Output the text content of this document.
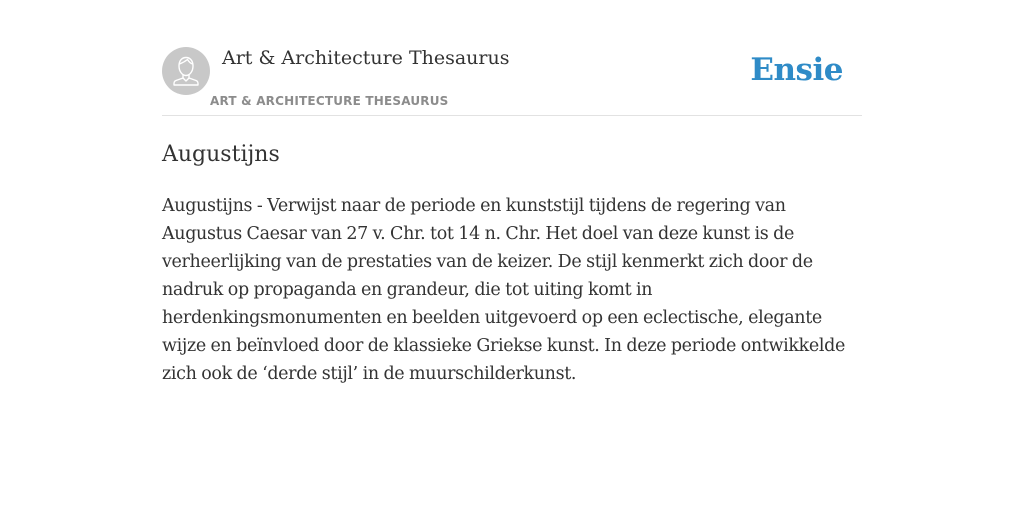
Art & Architecture Thesaurus
ART & ARCHITECTURE THESAURUS
Ensie
Augustijns

Augustijns - Verwijst naar de periode en kunststijl tijdens de regering van Augustus Caesar van 27 v. Chr. tot 14 n. Chr. Het doel van deze kunst is de verheerlijking van de prestaties van de keizer. De stijl kenmerkt zich door de nadruk op propaganda en grandeur, die tot uiting komt in herdenkingsmonumenten en beelden uitgevoerd op een eclectische, elegante wijze en beïnvloed door de klassieke Griekse kunst. In deze periode ontwikkelde zich ook de ‘derde stijl’ in de muurschilderkunst.
